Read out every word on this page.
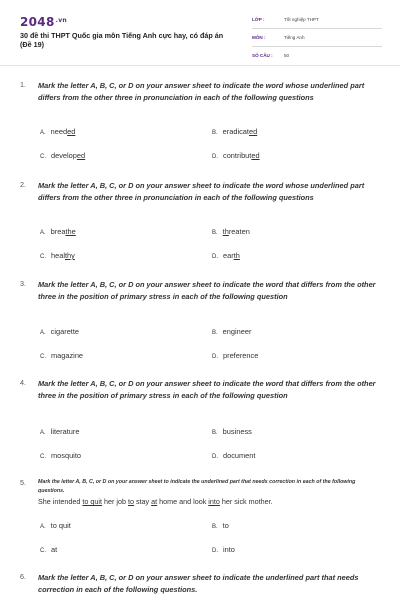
$2048^{.vn}$
30 đề thi THPT Quốc gia môn Tiếng Anh cực hay, có đáp án (Đề 19)
LỚP :	Tốt nghiệp THPT
MÔN :	Tiếng Anh
SỐ CÂU : 50
1. Mark the letter A, B, C, or D on your answer sheet to indicate the word whose underlined part differs from the other three in pronunciation in each of the following questions
A. needed	B. eradicated
C. developed	D. contributed
2. Mark the letter A, B, C, or D on your answer sheet to indicate the word whose underlined part differs from the other three in pronunciation in each of the following questions
A. breathe	B. threaten
C. healthy	D. earth
3. Mark the letter A, B, C, or D on your answer sheet to indicate the word that differs from the other three in the position of primary stress in each of the following question
A. cigarette	B. engineer
C. magazine	D. preference
4. Mark the letter A, B, C, or D on your answer sheet to indicate the word that differs from the other three in the position of primary stress in each of the following question
A. literature	B. business
C. mosquito	D. document
5. Mark the letter A, B, C, or D on your answer sheet to indicate the underlined part that needs correction in each of the following questions.
She intended to quit her job to stay at home and look into her sick mother.
A. to quit	B. to
C. at	D. into
6. Mark the letter A, B, C, or D on your answer sheet to indicate the underlined part that needs correction in each of the following questions.
